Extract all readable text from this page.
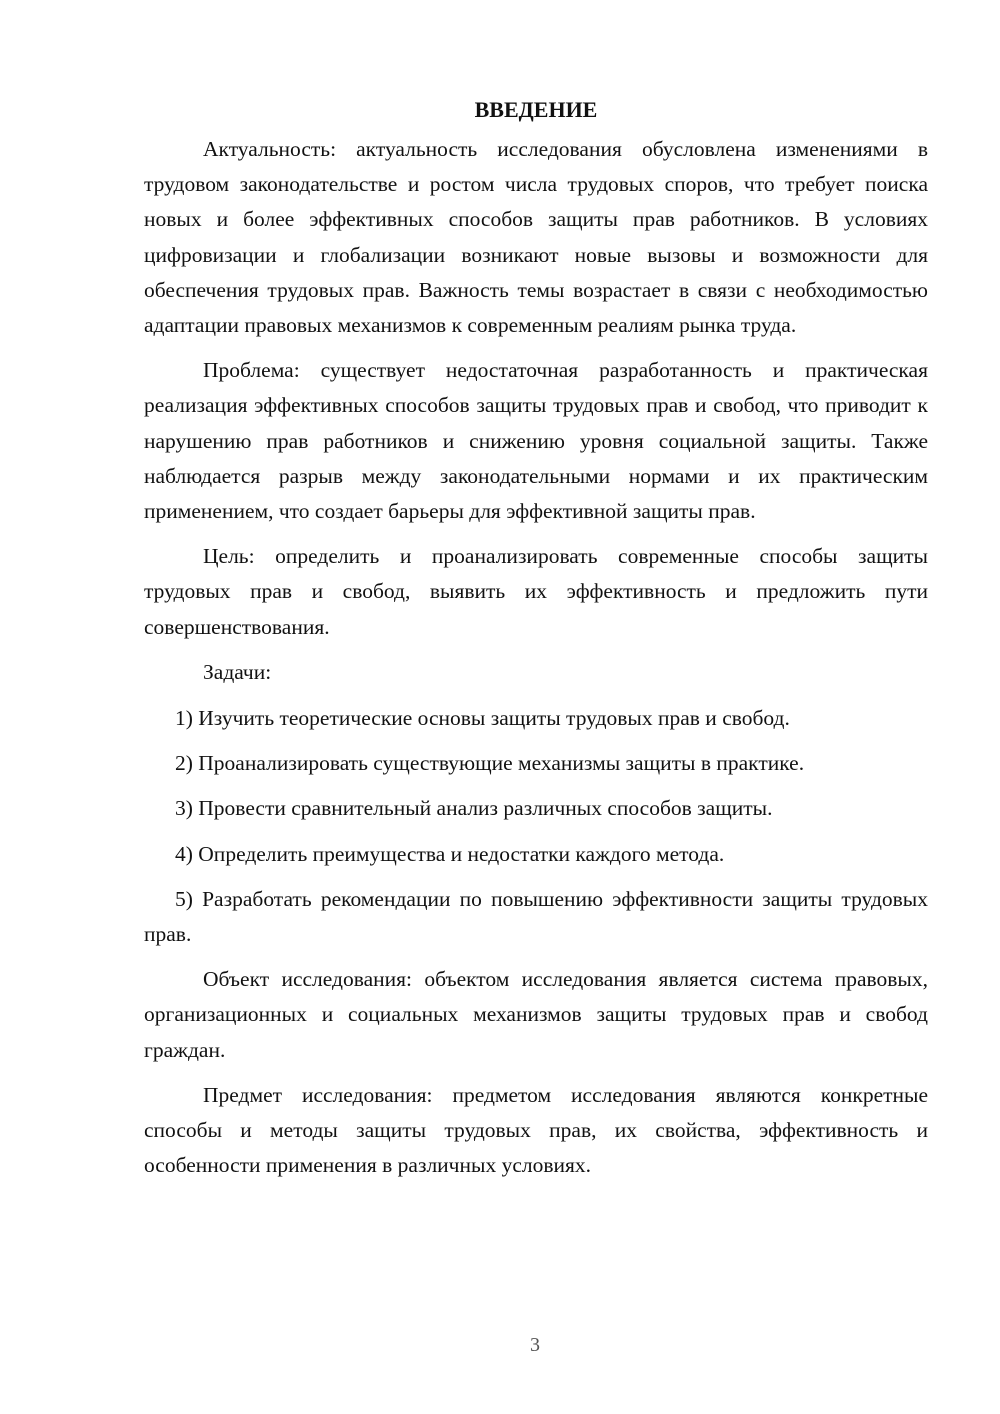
ВВЕДЕНИЕ

Актуальность: актуальность исследования обусловлена изменениями в трудовом законодательстве и ростом числа трудовых споров, что требует поиска новых и более эффективных способов защиты прав работников. В условиях цифровизации и глобализации возникают новые вызовы и возможности для обеспечения трудовых прав. Важность темы возрастает в связи с необходимостью адаптации правовых механизмов к современным реалиям рынка труда.

Проблема: существует недостаточная разработанность и практическая реализация эффективных способов защиты трудовых прав и свобод, что приводит к нарушению прав работников и снижению уровня социальной защиты. Также наблюдается разрыв между законодательными нормами и их практическим применением, что создает барьеры для эффективной защиты прав.

Цель: определить и проанализировать современные способы защиты трудовых прав и свобод, выявить их эффективность и предложить пути совершенствования.

Задачи:

1) Изучить теоретические основы защиты трудовых прав и свобод.

2) Проанализировать существующие механизмы защиты в практике.

3) Провести сравнительный анализ различных способов защиты.

4) Определить преимущества и недостатки каждого метода.

5) Разработать рекомендации по повышению эффективности защиты трудовых прав.

Объект исследования: объектом исследования является система правовых, организационных и социальных механизмов защиты трудовых прав и свобод граждан.

Предмет исследования: предметом исследования являются конкретные способы и методы защиты трудовых прав, их свойства, эффективность и особенности применения в различных условиях.

3
